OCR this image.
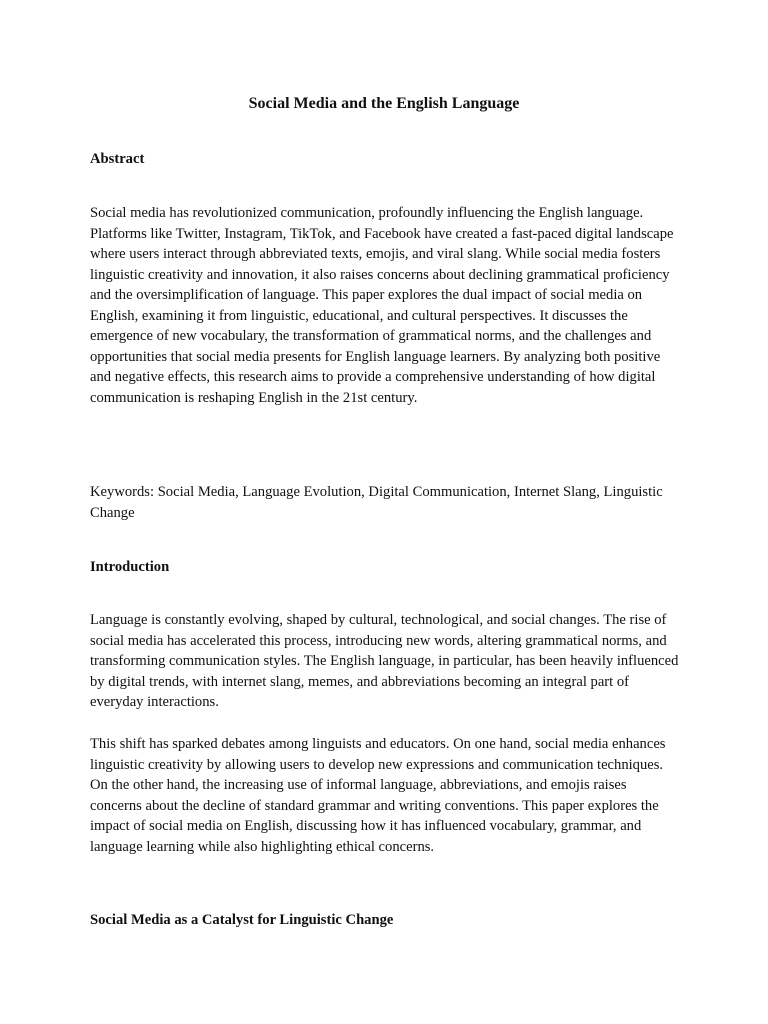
Social Media and the English Language

Abstract

Social media has revolutionized communication, profoundly influencing the English language. Platforms like Twitter, Instagram, TikTok, and Facebook have created a fast-paced digital landscape where users interact through abbreviated texts, emojis, and viral slang. While social media fosters linguistic creativity and innovation, it also raises concerns about declining grammatical proficiency and the oversimplification of language. This paper explores the dual impact of social media on English, examining it from linguistic, educational, and cultural perspectives. It discusses the emergence of new vocabulary, the transformation of grammatical norms, and the challenges and opportunities that social media presents for English language learners. By analyzing both positive and negative effects, this research aims to provide a comprehensive understanding of how digital communication is reshaping English in the 21st century.

Keywords: Social Media, Language Evolution, Digital Communication, Internet Slang, Linguistic Change

Introduction

Language is constantly evolving, shaped by cultural, technological, and social changes. The rise of social media has accelerated this process, introducing new words, altering grammatical norms, and transforming communication styles. The English language, in particular, has been heavily influenced by digital trends, with internet slang, memes, and abbreviations becoming an integral part of everyday interactions.

This shift has sparked debates among linguists and educators. On one hand, social media enhances linguistic creativity by allowing users to develop new expressions and communication techniques. On the other hand, the increasing use of informal language, abbreviations, and emojis raises concerns about the decline of standard grammar and writing conventions. This paper explores the impact of social media on English, discussing how it has influenced vocabulary, grammar, and language learning while also highlighting ethical concerns.

Social Media as a Catalyst for Linguistic Change
